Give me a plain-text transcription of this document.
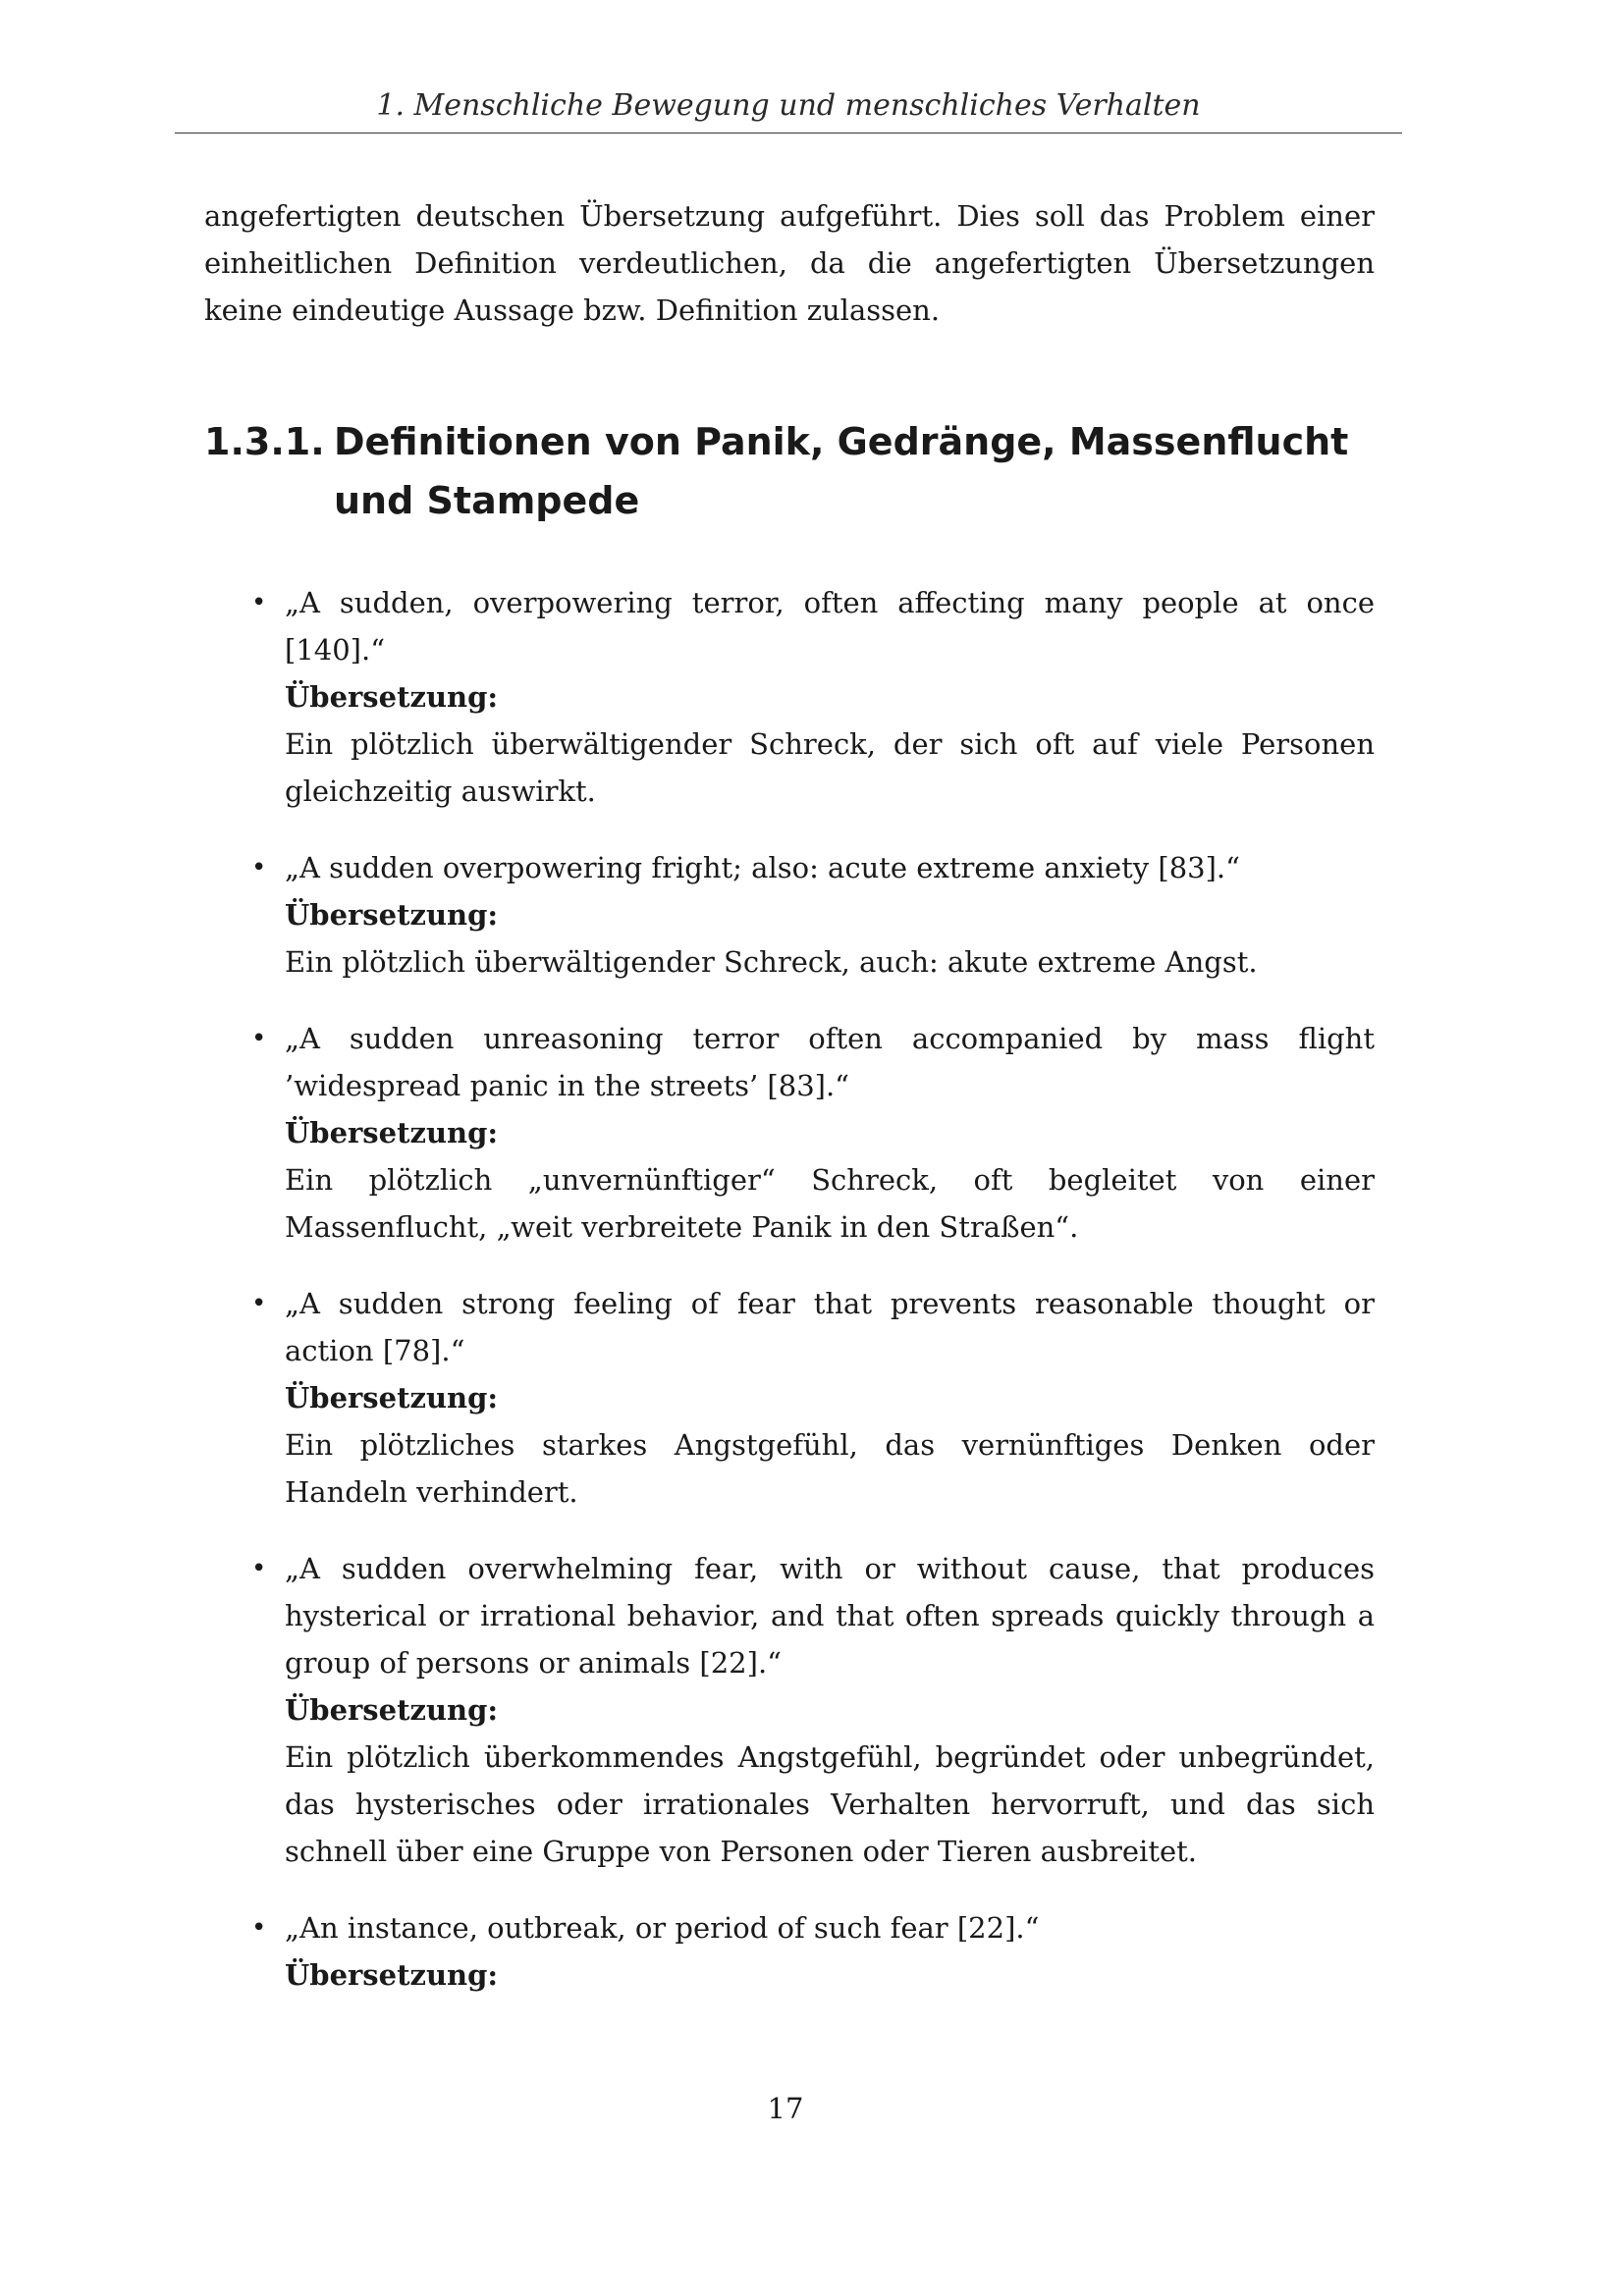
1. Menschliche Bewegung und menschliches Verhalten

angefertigten deutschen Übersetzung aufgeführt. Dies soll das Problem einer einheitlichen Definition verdeutlichen, da die angefertigten Übersetzungen keine eindeutige Aussage bzw. Definition zulassen.

1.3.1. Definitionen von Panik, Gedränge, Massenflucht und Stampede
• „A sudden, overpowering terror, often affecting many people at once [140].“
Übersetzung:
Ein plötzlich überwältigender Schreck, der sich oft auf viele Personen gleichzeitig auswirkt.
• „A sudden overpowering fright; also: acute extreme anxiety [83].“
Übersetzung:
Ein plötzlich überwältigender Schreck, auch: akute extreme Angst.
• „A sudden unreasoning terror often accompanied by mass flight ’widespread panic in the streets’ [83].“
Übersetzung:
Ein plötzlich „unvernünftiger“ Schreck, oft begleitet von einer Massenflucht, „weit verbreitete Panik in den Straßen“.
• „A sudden strong feeling of fear that prevents reasonable thought or action [78].“
Übersetzung:
Ein plötzliches starkes Angstgefühl, das vernünftiges Denken oder Handeln verhindert.
• „A sudden overwhelming fear, with or without cause, that produces hysterical or irrational behavior, and that often spreads quickly through a group of persons or animals [22].“
Übersetzung:
Ein plötzlich überkommendes Angstgefühl, begründet oder unbegründet, das hysterisches oder irrationales Verhalten hervorruft, und das sich schnell über eine Gruppe von Personen oder Tieren ausbreitet.
• „An instance, outbreak, or period of such fear [22].“
Übersetzung:
17
